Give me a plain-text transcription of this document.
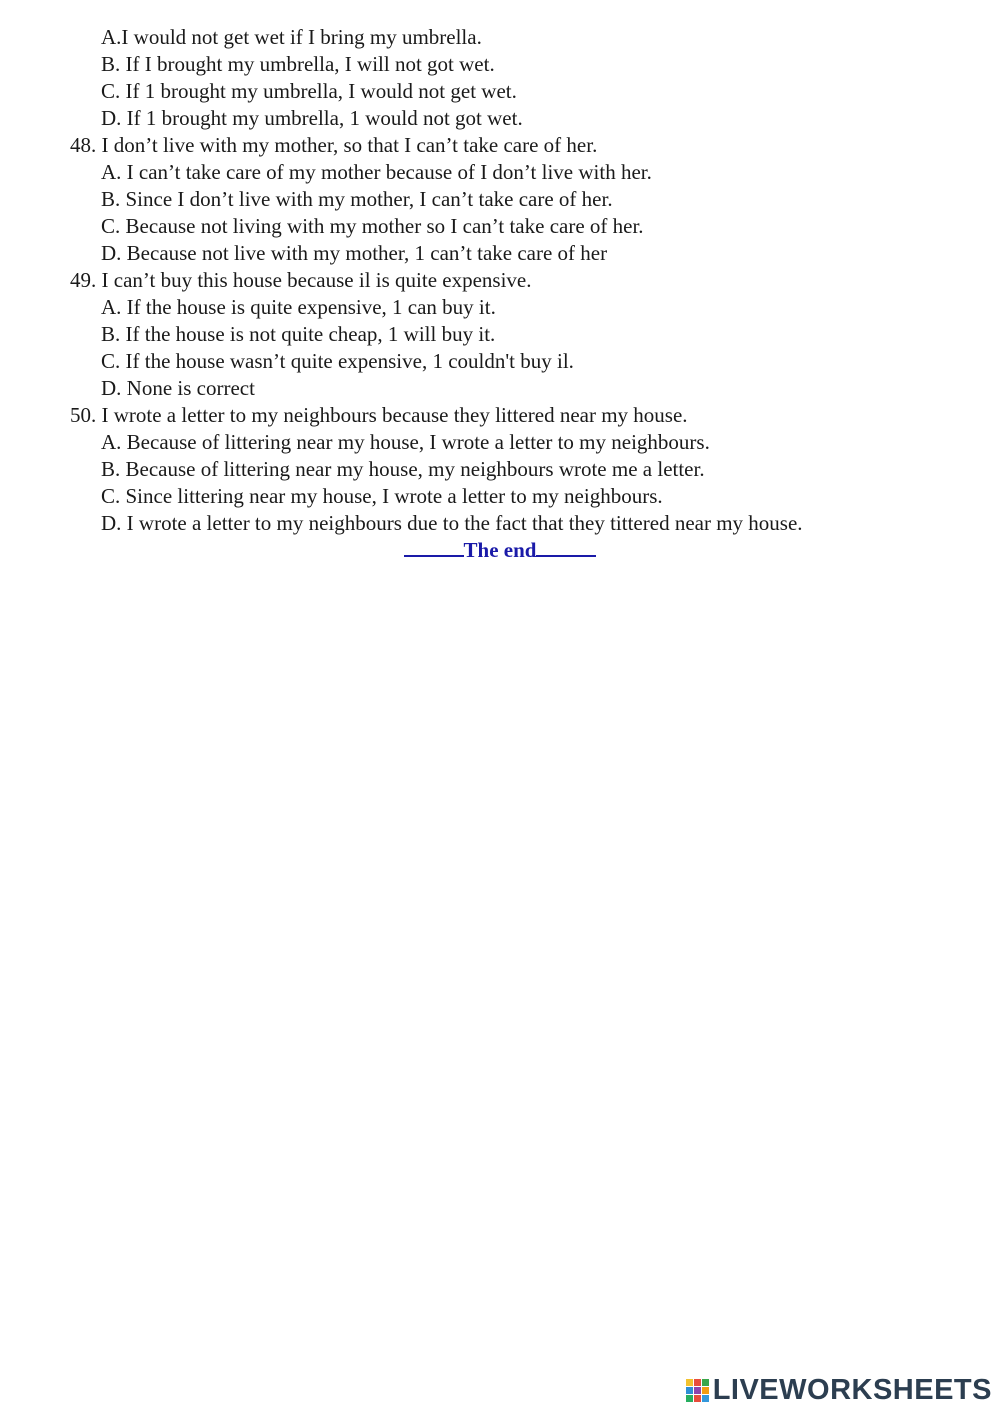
A.I would not get wet if I bring my umbrella.
B. If I brought my umbrella, I will not got wet.
C. If 1 brought my umbrella, I would not get wet.
D. If 1 brought my umbrella, 1 would not got wet.
48. I don’t live with my mother, so that I can’t take care of her.
A. I can’t take care of my mother because of I don’t live with her.
B. Since I don’t live with my mother, I can’t take care of her.
C. Because not living with my mother so I can’t take care of her.
D. Because not live with my mother, 1 can’t take care of her
49. I can’t buy this house because il is quite expensive.
A. If the house is quite expensive, 1 can buy it.
B. If the house is not quite cheap, 1 will buy it.
C. If the house wasn’t quite expensive, 1 couldn't buy il.
D. None is correct
50. I wrote a letter to my neighbours because they littered near my house.
A. Because of littering near my house, I wrote a letter to my neighbours.
B. Because of littering near my house, my neighbours wrote me a letter.
C. Since littering near my house, I wrote a letter to my neighbours.
D. I wrote a letter to my neighbours due to the fact that they tittered near my house.
The end
LIVEWORKSHEETS
